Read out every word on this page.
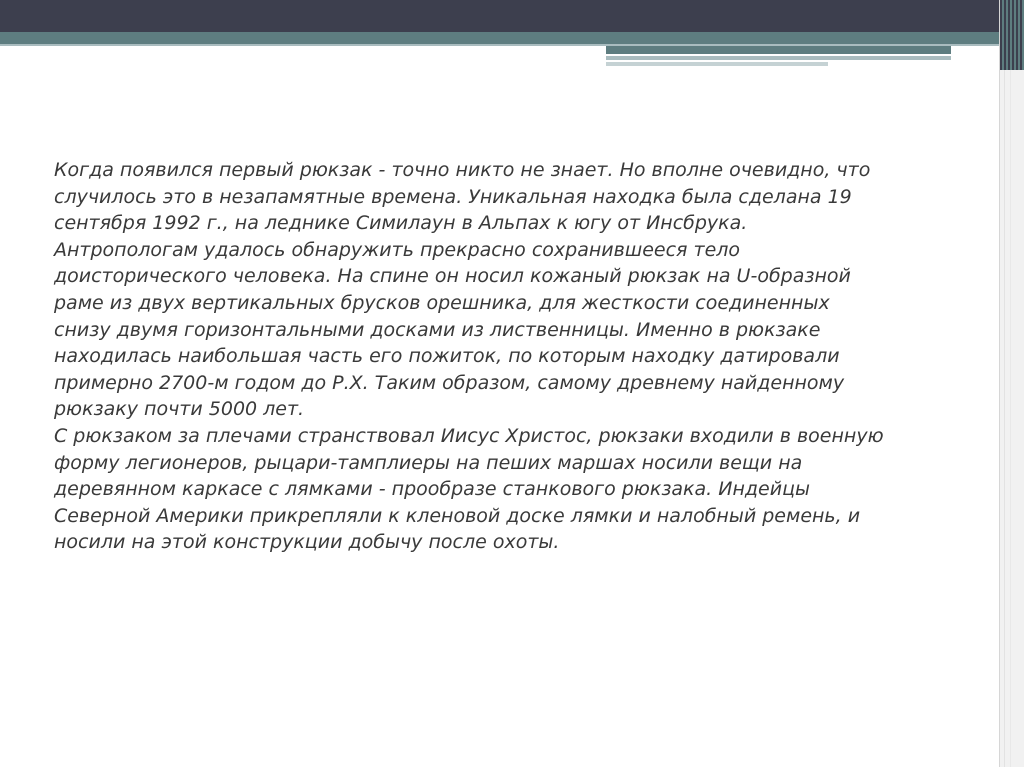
Когда появился первый рюкзак - точно никто не знает. Но вполне очевидно, что
случилось это в незапамятные времена. Уникальная находка была сделана 19
сентября 1992 г., на леднике Симилаун в Альпах к югу от Инсбрука.
Антропологам удалось обнаружить прекрасно сохранившееся тело
доисторического человека. На спине он носил кожаный рюкзак на U-образной
раме из двух вертикальных брусков орешника, для жесткости соединенных
снизу двумя горизонтальными досками из лиственницы. Именно в рюкзаке
находилась наибольшая часть его пожиток, по которым находку датировали
примерно 2700-м годом до Р.Х. Таким образом, самому древнему найденному
рюкзаку почти 5000 лет.
С рюкзаком за плечами странствовал Иисус Христос, рюкзаки входили в военную
форму легионеров, рыцари-тамплиеры на пеших маршах носили вещи на
деревянном каркасе с лямками - прообразе станкового рюкзака. Индейцы
Северной Америки прикрепляли к кленовой доске лямки и налобный ремень, и
носили на этой конструкции добычу после охоты.
